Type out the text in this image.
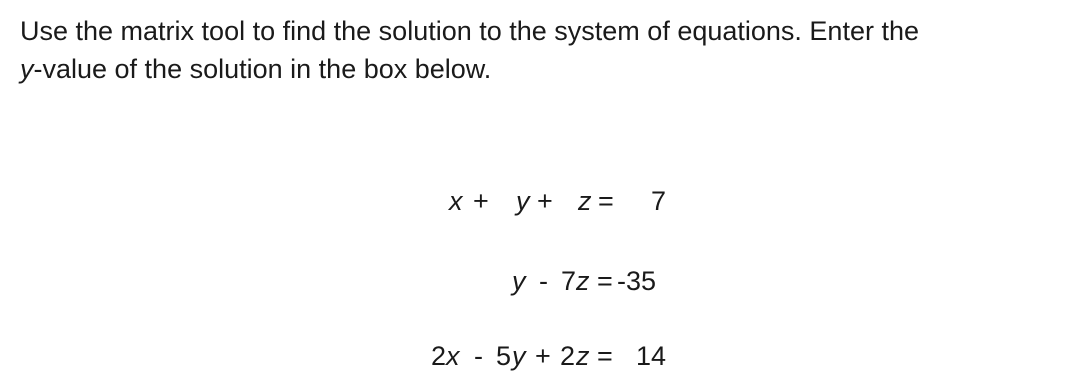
Use the matrix tool to find the solution to the system of equations. Enter the
y-value of the solution in the box below.

x + y + z = 7
y - 7 z = -35
2 x - 5 y + 2 z = 14
